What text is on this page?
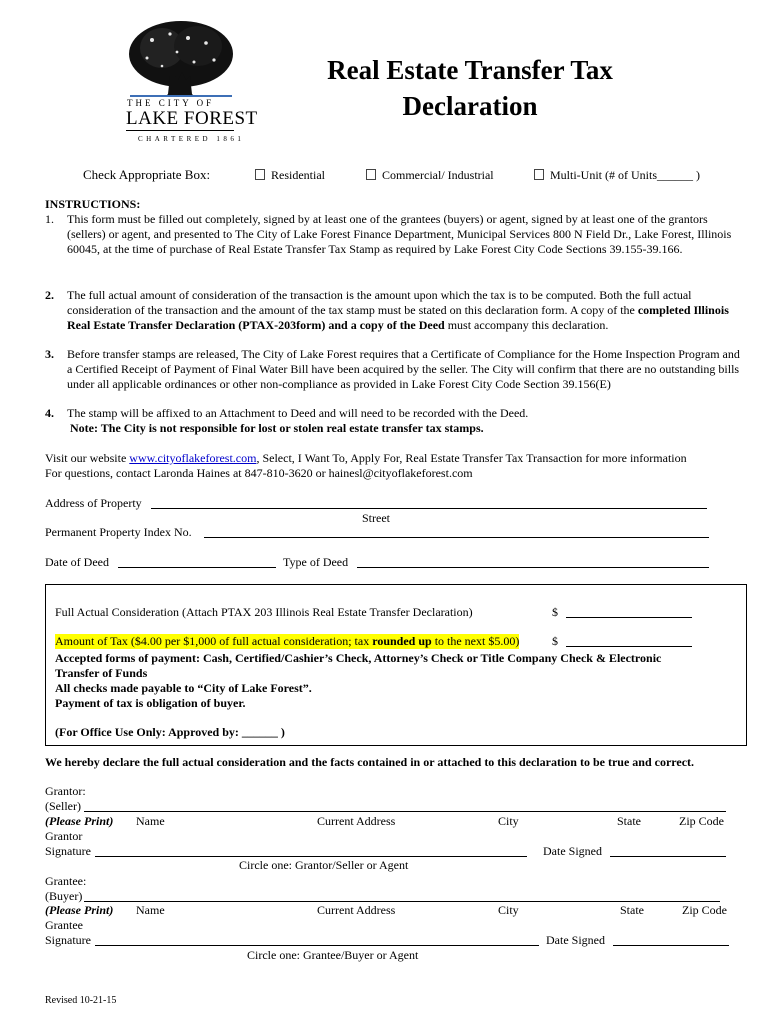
THE CITY OF
LAKE FOREST
CHARTERED 1861
Real Estate Transfer Tax Declaration
Check Appropriate Box:	Residential	Commercial/ Industrial	Multi-Unit (# of Units______ )
INSTRUCTIONS:
1. This form must be filled out completely, signed by at least one of the grantees (buyers) or agent, signed by at least one of the grantors (sellers) or agent, and presented to The City of Lake Forest Finance Department, Municipal Services 800 N Field Dr., Lake Forest, Illinois 60045, at the time of purchase of Real Estate Transfer Tax Stamp as required by Lake Forest City Code Sections 39.155-39.166.
2. The full actual amount of consideration of the transaction is the amount upon which the tax is to be computed. Both the full actual consideration of the transaction and the amount of the tax stamp must be stated on this declaration form. A copy of the completed Illinois Real Estate Transfer Declaration (PTAX-203form) and a copy of the Deed must accompany this declaration.
3. Before transfer stamps are released, The City of Lake Forest requires that a Certificate of Compliance for the Home Inspection Program and a Certified Receipt of Payment of Final Water Bill have been acquired by the seller. The City will confirm that there are no outstanding bills under all applicable ordinances or other non-compliance as provided in Lake Forest City Code Section 39.156(E)
4. The stamp will be affixed to an Attachment to Deed and will need to be recorded with the Deed.
Note: The City is not responsible for lost or stolen real estate transfer tax stamps.
Visit our website www.cityoflakeforest.com, Select, I Want To, Apply For, Real Estate Transfer Tax Transaction for more information
For questions, contact Laronda Haines at 847-810-3620 or hainesl@cityoflakeforest.com
Address of Property
Street
Permanent Property Index No.
Date of Deed	Type of Deed
Full Actual Consideration (Attach PTAX 203 Illinois Real Estate Transfer Declaration)	$
Amount of Tax ($4.00 per $1,000 of full actual consideration; tax rounded up to the next $5.00)	$
Accepted forms of payment: Cash, Certified/Cashier’s Check, Attorney’s Check or Title Company Check & Electronic
Transfer of Funds
All checks made payable to “City of Lake Forest”.
Payment of tax is obligation of buyer.
(For Office Use Only: Approved by: ______ )
We hereby declare the full actual consideration and the facts contained in or attached to this declaration to be true and correct.
Grantor:
(Seller)
(Please Print) Name	Current Address	City	State	Zip Code
Grantor
Signature	Date Signed
Circle one: Grantor/Seller or Agent
Grantee:
(Buyer)
(Please Print) Name	Current Address	City	State	Zip Code
Grantee
Signature	Date Signed
Circle one: Grantee/Buyer or Agent
Revised 10-21-15
